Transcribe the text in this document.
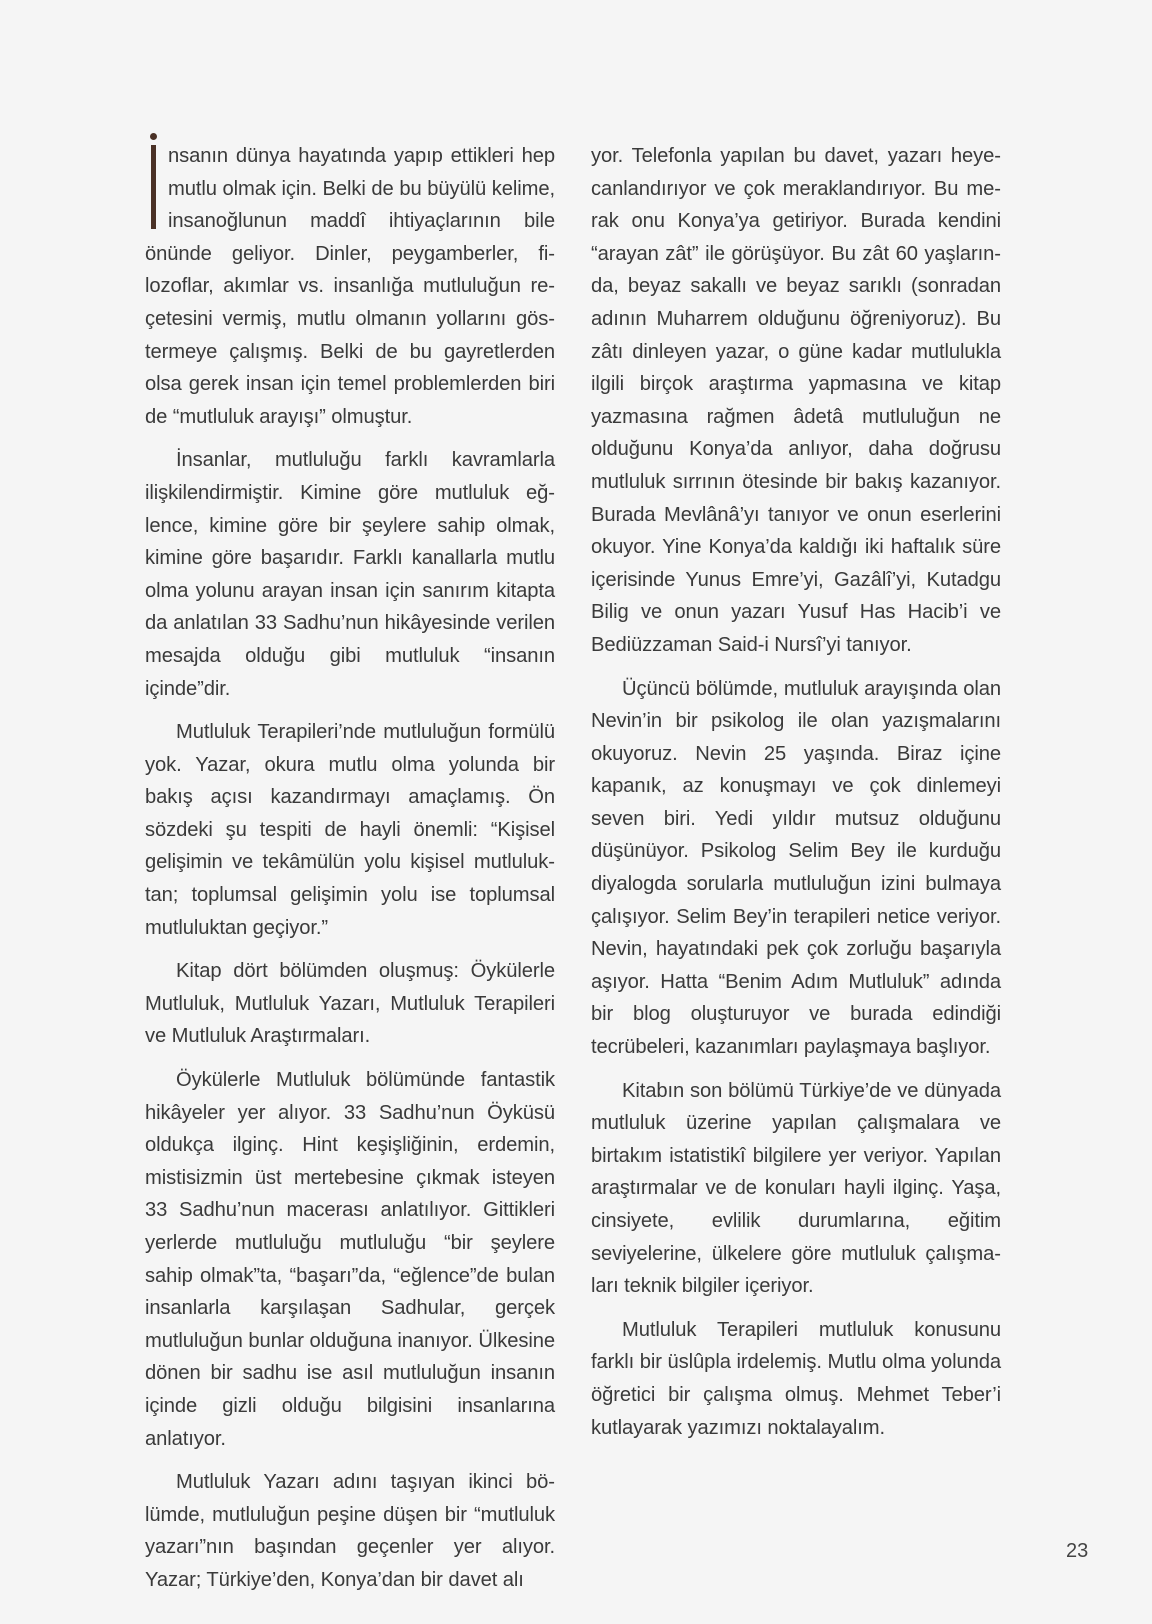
nsanın dünya hayatında yapıp ettikleri hep mutlu olmak için. Belki de bu büyülü kelime, insanoğlunun maddî ihtiyaçlarının bile önünde geliyor. Dinler, peygamberler, filozoflar, akımlar vs. insanlığa mutluluğun reçetesini vermiş, mutlu olmanın yollarını göstermeye çalışmış. Belki de bu gayretlerden olsa gerek insan için temel problemlerden biri de “mutluluk arayışı” olmuştur.

İnsanlar, mutluluğu farklı kavramlarla ilişkilendirmiştir. Kimine göre mutluluk eğlence, kimine göre bir şeylere sahip olmak, kimine göre başarıdır. Farklı kanallarla mutlu olma yolunu arayan insan için sanırım kitapta da anlatılan 33 Sadhu’nun hikâyesinde verilen mesajda olduğu gibi mutluluk “insanın içinde”dir.

Mutluluk Terapileri’nde mutluluğun formülü yok. Yazar, okura mutlu olma yolunda bir bakış açısı kazandırmayı amaçlamış. Ön sözdeki şu tespiti de hayli önemli: “Kişisel gelişimin ve tekâmülün yolu kişisel mutluluktan; toplumsal gelişimin yolu ise toplumsal mutluluktan geçiyor.”

Kitap dört bölümden oluşmuş: Öykülerle Mutluluk, Mutluluk Yazarı, Mutluluk Terapileri ve Mutluluk Araştırmaları.

Öykülerle Mutluluk bölümünde fantastik hikâyeler yer alıyor. 33 Sadhu’nun Öyküsü oldukça ilginç. Hint keşişliğinin, erdemin, mistisizmin üst mertebesine çıkmak isteyen 33 Sadhu’nun macerası anlatılıyor. Gittikleri yerlerde mutluluğu mutluluğu “bir şeylere sahip olmak”ta, “başarı”da, “eğlence”de bulan insanlarla karşılaşan Sadhular, gerçek mutluluğun bunlar olduğuna inanıyor. Ülkesine dönen bir sadhu ise asıl mutluluğun insanın içinde gizli olduğu bilgisini insanlarına anlatıyor.

Mutluluk Yazarı adını taşıyan ikinci bölümde, mutluluğun peşine düşen bir “mutluluk yazarı”nın başından geçenler yer alıyor. Yazar; Türkiye’den, Konya’dan bir davet alı

yor. Telefonla yapılan bu davet, yazarı heyecanlandırıyor ve çok meraklandırıyor. Bu merak onu Konya’ya getiriyor. Burada kendini “arayan zât” ile görüşüyor. Bu zât 60 yaşlarında, beyaz sakallı ve beyaz sarıklı (sonradan adının Muharrem olduğunu öğreniyoruz). Bu zâtı dinleyen yazar, o güne kadar mutlulukla ilgili birçok araştırma yapmasına ve kitap yazmasına rağmen âdetâ mutluluğun ne olduğunu Konya’da anlıyor, daha doğrusu mutluluk sırrının ötesinde bir bakış kazanıyor. Burada Mevlânâ’yı tanıyor ve onun eserlerini okuyor. Yine Konya’da kaldığı iki haftalık süre içerisinde Yunus Emre’yi, Gazâlî’yi, Kutadgu Bilig ve onun yazarı Yusuf Has Hacib’i ve Bediüzzaman Said-i Nursî’yi tanıyor.

Üçüncü bölümde, mutluluk arayışında olan Nevin’in bir psikolog ile olan yazışmalarını okuyoruz. Nevin 25 yaşında. Biraz içine kapanık, az konuşmayı ve çok dinlemeyi seven biri. Yedi yıldır mutsuz olduğunu düşünüyor. Psikolog Selim Bey ile kurduğu diyalogda sorularla mutluluğun izini bulmaya çalışıyor. Selim Bey’in terapileri netice veriyor. Nevin, hayatındaki pek çok zorluğu başarıyla aşıyor. Hatta “Benim Adım Mutluluk” adında bir blog oluşturuyor ve burada edindiği tecrübeleri, kazanımları paylaşmaya başlıyor.

Kitabın son bölümü Türkiye’de ve dünyada mutluluk üzerine yapılan çalışmalara ve birtakım istatistikî bilgilere yer veriyor. Yapılan araştırmalar ve de konuları hayli ilginç. Yaşa, cinsiyete, evlilik durumlarına, eğitim seviyelerine, ülkelere göre mutluluk çalışmaları teknik bilgiler içeriyor.

Mutluluk Terapileri mutluluk konusunu farklı bir üslûpla irdelemiş. Mutlu olma yolunda öğretici bir çalışma olmuş. Mehmet Teber’i kutlayarak yazımızı noktalayalım.

23
